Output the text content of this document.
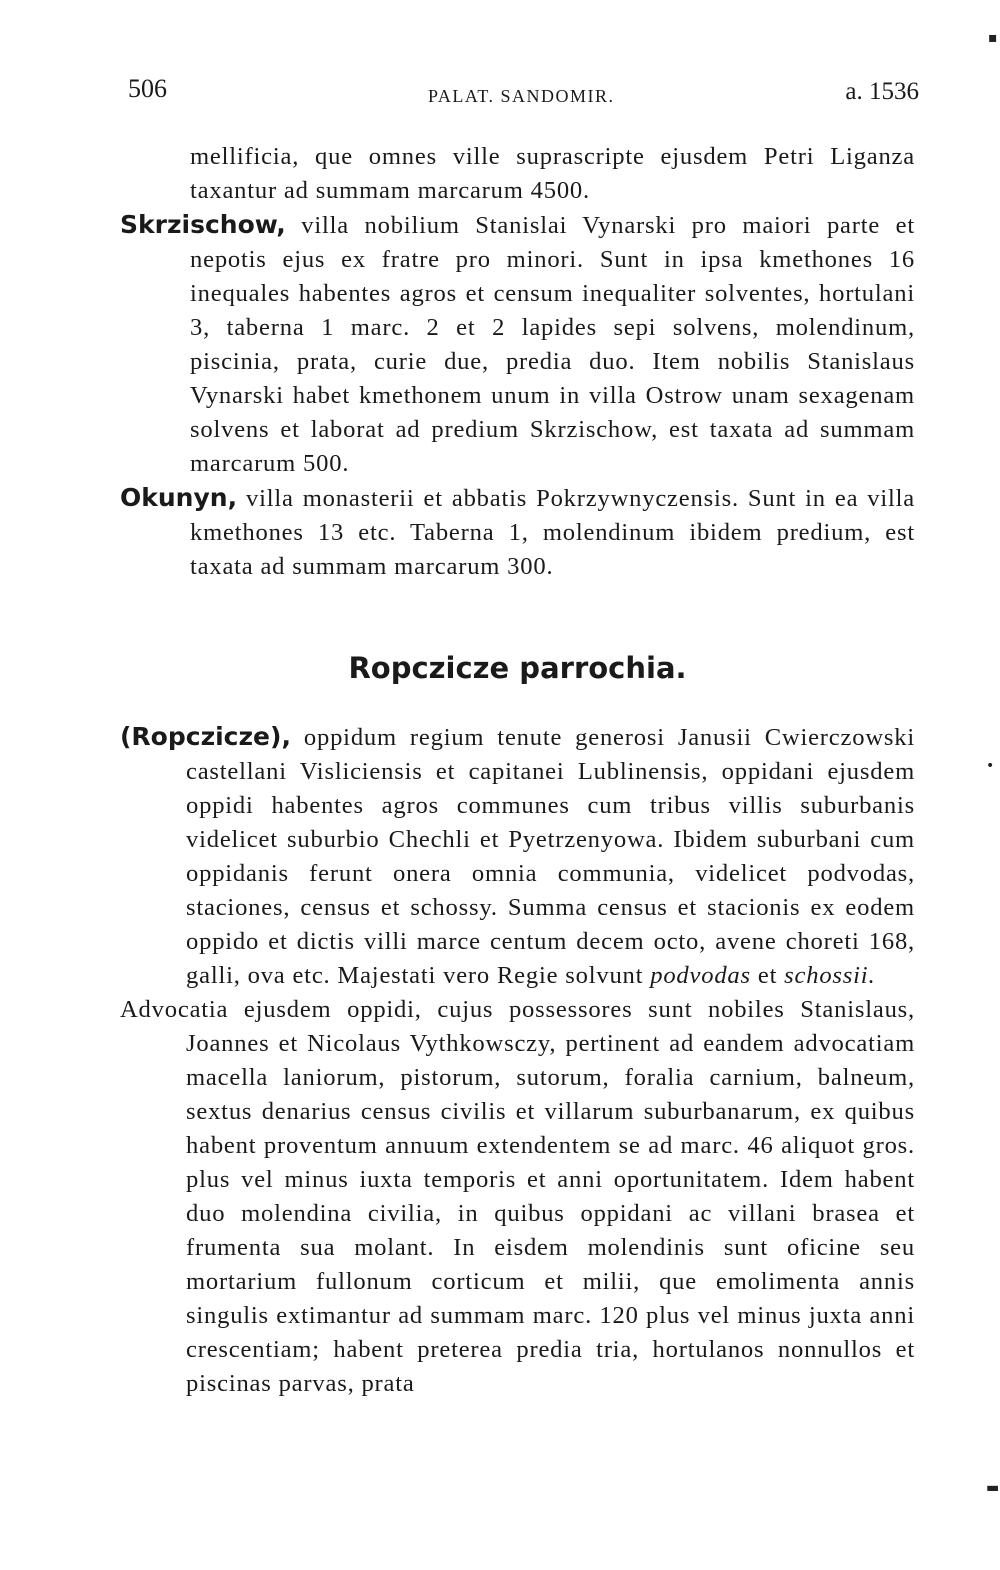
506	PALAT. SANDOMIR.	a. 1536

mellificia, que omnes ville suprascripte ejusdem Petri Liganza taxantur ad summam marcarum 4500.

Skrzischow, villa nobilium Stanislai Vynarski pro maiori parte et nepotis ejus ex fratre pro minori. Sunt in ipsa kmethones 16 inequales habentes agros et censum inequaliter solventes, hortulani 3, taberna 1 marc. 2 et 2 lapides sepi solvens, molendinum, piscinia, prata, curie due, predia duo. Item nobilis Stanislaus Vynarski habet kmethonem unum in villa Ostrow unam sexagenam solvens et laborat ad predium Skrzischow, est taxata ad summam marcarum 500.

Okunyn, villa monasterii et abbatis Pokrzywnyczensis. Sunt in ea villa kmethones 13 etc. Taberna 1, molendinum ibidem predium, est taxata ad summam marcarum 300.

Ropczicze parrochia.

(Ropczicze), oppidum regium tenute generosi Janusii Cwierczowski castellani Visliciensis et capitanei Lublinensis, oppidani ejusdem oppidi habentes agros communes cum tribus villis suburbanis videlicet suburbio Chechli et Pyetrzenyowa. Ibidem suburbani cum oppidanis ferunt onera omnia communia, videlicet podvodas, staciones, census et schossy. Summa census et stacionis ex eodem oppido et dictis villi marce centum decem octo, avene choreti 168, galli, ova etc. Majestati vero Regie solvunt podvodas et schossii.

Advocatia ejusdem oppidi, cujus possessores sunt nobiles Stanislaus, Joannes et Nicolaus Vythkowsczy, pertinent ad eandem advocatiam macella laniorum, pistorum, sutorum, foralia carnium, balneum, sextus denarius census civilis et villarum suburbanarum, ex quibus habent proventum annuum extendentem se ad marc. 46 aliquot gros. plus vel minus iuxta temporis et anni oportunitatem. Idem habent duo molendina civilia, in quibus oppidani ac villani brasea et frumenta sua molant. In eisdem molendinis sunt oficine seu mortarium fullonum corticum et milii, que emolimenta annis singulis extimantur ad summam marc. 120 plus vel minus juxta anni crescentiam; habent preterea predia tria, hortulanos nonnullos et piscinas parvas, prata

▪
•
▬
